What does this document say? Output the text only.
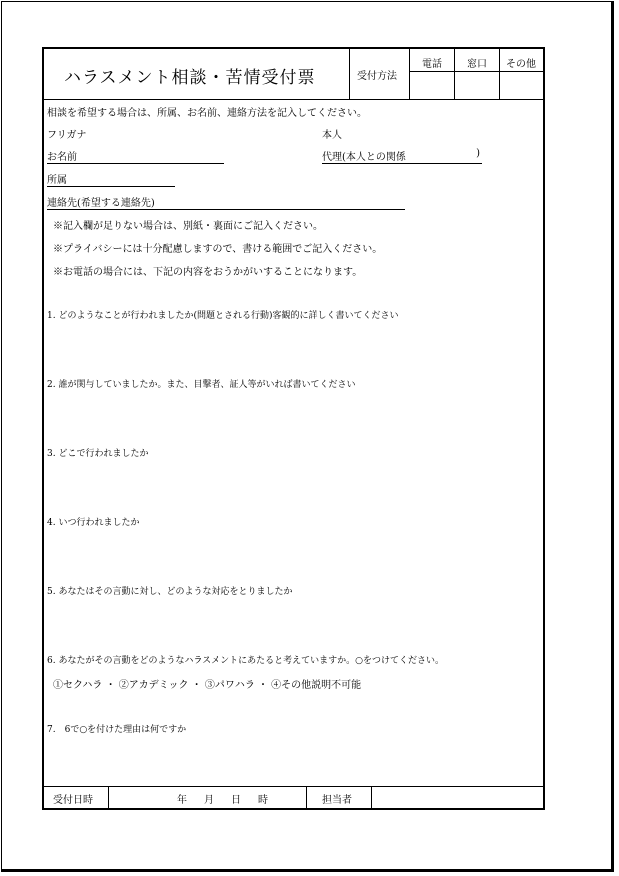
ハラスメント相談・苦情受付票	受付方法
電話	窓口 その他
相談を希望する場合は、所属、お名前、連絡方法を記入してください。
フリガナ	本人
お名前	代理(本人との関係	)
所属
連絡先(希望する連絡先)
※記入欄が足りない場合は、別紙・裏面にご記入ください。
※プライバシーには十分配慮しますので、書ける範囲でご記入ください。
※お電話の場合には、下記の内容をおうかがいすることになります。
1. どのようなことが行われましたか(問題とされる行動)客観的に詳しく書いてください
2. 誰が関与していましたか。また、目撃者、証人等がいれば書いてください
3. どこで行われましたか
4. いつ行われましたか
5. あなたはその言動に対し、どのような対応をとりましたか
6. あなたがその言動をどのようなハラスメントにあたると考えていますか。○をつけてください。
①セクハラ ・ ②アカデミック ・ ③パワハラ ・ ④その他説明不可能
7.　6で○を付けた理由は何ですか
受付日時	年 月 日 時	担当者
